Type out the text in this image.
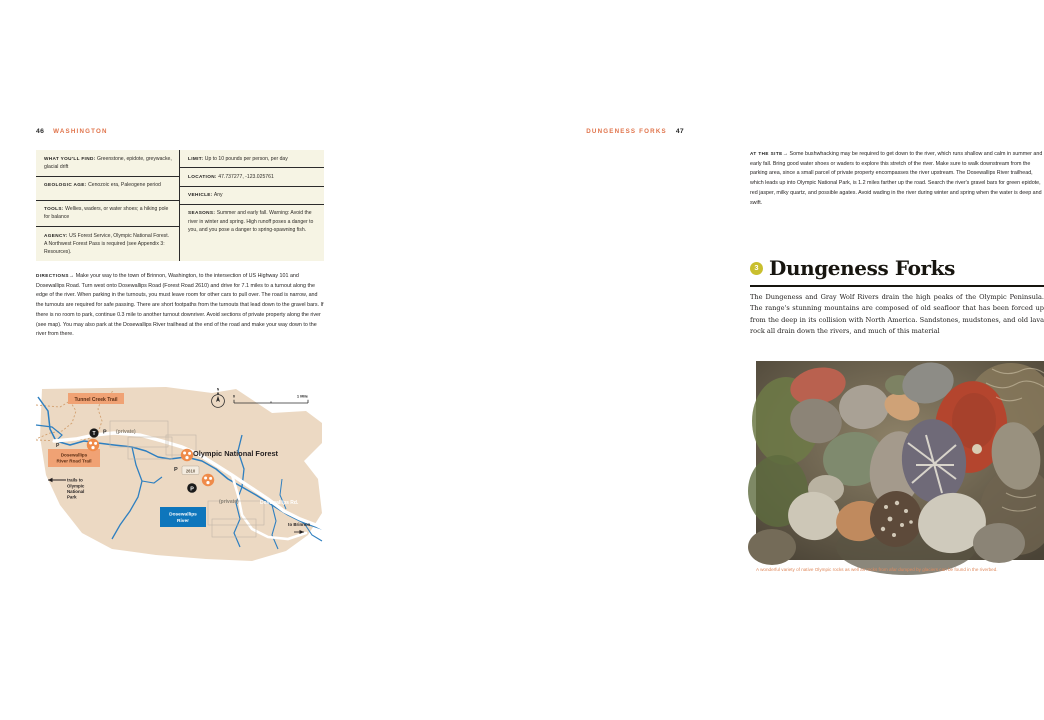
46 WASHINGTON
WHAT YOU'LL FIND: Greenstone, epidote, greywacke, glacial drift
GEOLOGIC AGE: Cenozoic era, Paleogene period
TOOLS: Wellies, waders, or water shoes; a hiking pole for balance
AGENCY: US Forest Service, Olympic National Forest. A Northwest Forest Pass is required (see Appendix 3: Resources).
LIMIT: Up to 10 pounds per person, per day
LOCATION: 47.737277, -123.025761
VEHICLE: Any
SEASONS: Summer and early fall. Warning: Avoid the river in winter and spring. High runoff poses a danger to you, and you pose a danger to spring-spawning fish.
DIRECTIONS→ Make your way to the town of Brinnon, Washington, to the intersection of US Highway 101 and Dosewallips Road. Turn west onto Dosewallips Road (Forest Road 2610) and drive for 7.1 miles to a turnout along the edge of the river. When parking in the turnouts, you must leave room for other cars to pull over. The road is narrow, and the turnouts are required for safe passing. There are short footpaths from the turnouts that lead down to the gravel bars. If there is no room to park, continue 0.3 mile to another turnout downriver. Avoid sections of private property along the river (see map). You may also park at the Dosewallips River trailhead at the end of the road and make your way down to the river from there.
Tunnel Creek Trail
Dosewallips
River Road Trail
Dosewallips
River
Olympic National Forest
Dosewallips Rd.
(private)
(private)
trails to
Olympic
National
Park
to Brinnon
2610
T P
P
P
P
N
0	1 Mile
DUNGENESS FORKS 47
AT THE SITE→ Some bushwhacking may be required to get down to the river, which runs shallow and calm in summer and early fall. Bring good water shoes or waders to explore this stretch of the river. Make sure to walk downstream from the parking area, since a small parcel of private property encompasses the river upstream. The Dosewallips River trailhead, which leads up into Olympic National Park, is 1.2 miles farther up the road. Search the river's gravel bars for green epidote, red jasper, milky quartz, and possible agates. Avoid wading in the river during winter and spring when the water is deep and swift.
3 Dungeness Forks
The Dungeness and Gray Wolf Rivers drain the high peaks of the Olympic Peninsula. The range's stunning mountains are composed of old seafloor that has been forced up from the deep in its collision with North America. Sandstones, mudstones, and old lava rock all drain down the rivers, and much of this material
A wonderful variety of native Olympic rocks as well as rocks from afar dumped by glaciers can be found in the riverbed.
